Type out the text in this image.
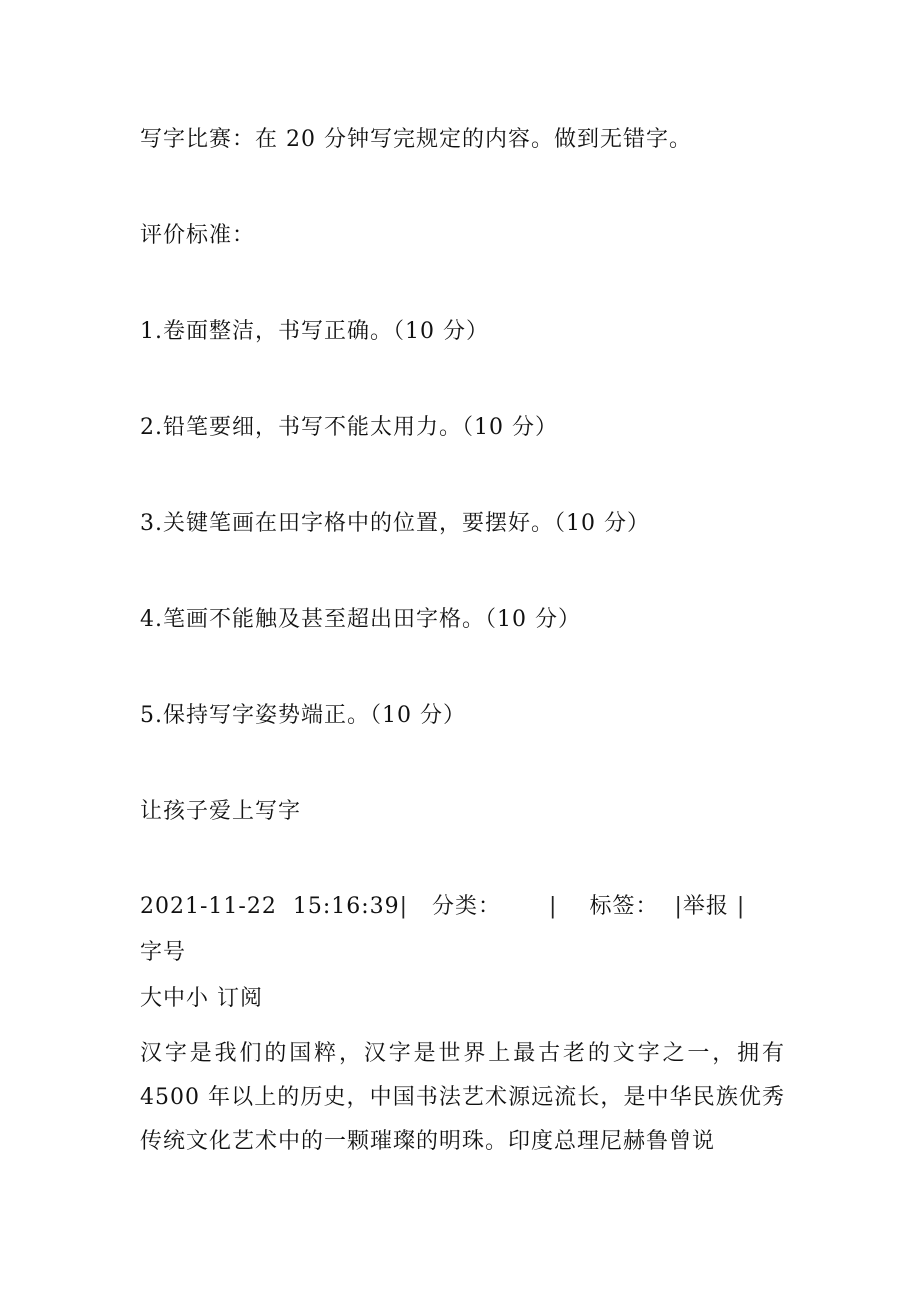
写字比赛：在 20 分钟写完规定的内容。做到无错字。
评价标准：
1.卷面整洁，书写正确。（10 分）
2.铅笔要细，书写不能太用力。（10 分）
3.关键笔画在田字格中的位置，要摆好。（10 分）
4.笔画不能触及甚至超出田字格。（10 分）
5.保持写字姿势端正。（10 分）
让孩子爱上写字
2021-11-22  15:16:39| 分类： | 标签： |举报 |字号
大中小 订阅
汉字是我们的国粹，汉字是世界上最古老的文字之一，拥有 4500 年以上的历史，中国书法艺术源远流长，是中华民族优秀传统文化艺术中的一颗璀璨的明珠。印度总理尼赫鲁曾说
